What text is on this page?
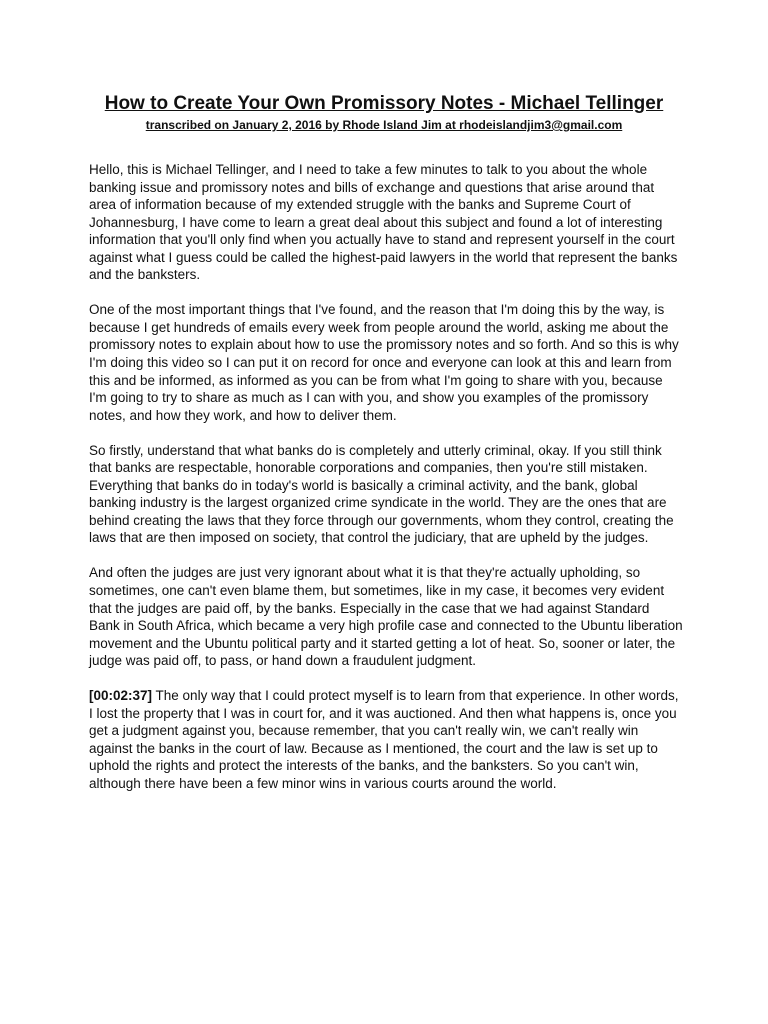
How to Create Your Own Promissory Notes - Michael Tellinger
transcribed on January 2, 2016 by Rhode Island Jim at rhodeislandjim3@gmail.com

Hello, this is Michael Tellinger, and I need to take a few minutes to talk to you about the whole banking issue and promissory notes and bills of exchange and questions that arise around that area of information because of my extended struggle with the banks and Supreme Court of Johannesburg, I have come to learn a great deal about this subject and found a lot of interesting information that you'll only find when you actually have to stand and represent yourself in the court against what I guess could be called the highest-paid lawyers in the world that represent the banks and the banksters.

One of the most important things that I've found, and the reason that I'm doing this by the way, is because I get hundreds of emails every week from people around the world, asking me about the promissory notes to explain about how to use the promissory notes and so forth. And so this is why I'm doing this video so I can put it on record for once and everyone can look at this and learn from this and be informed, as informed as you can be from what I'm going to share with you, because I'm going to try to share as much as I can with you, and show you examples of the promissory notes, and how they work, and how to deliver them.

So firstly, understand that what banks do is completely and utterly criminal, okay. If you still think that banks are respectable, honorable corporations and companies, then you're still mistaken. Everything that banks do in today's world is basically a criminal activity, and the bank, global banking industry is the largest organized crime syndicate in the world. They are the ones that are behind creating the laws that they force through our governments, whom they control, creating the laws that are then imposed on society, that control the judiciary, that are upheld by the judges.

And often the judges are just very ignorant about what it is that they're actually upholding, so sometimes, one can't even blame them, but sometimes, like in my case, it becomes very evident that the judges are paid off, by the banks. Especially in the case that we had against Standard Bank in South Africa, which became a very high profile case and connected to the Ubuntu liberation movement and the Ubuntu political party and it started getting a lot of heat. So, sooner or later, the judge was paid off, to pass, or hand down a fraudulent judgment.

[00:02:37] The only way that I could protect myself is to learn from that experience. In other words, I lost the property that I was in court for, and it was auctioned. And then what happens is, once you get a judgment against you, because remember, that you can't really win, we can't really win against the banks in the court of law. Because as I mentioned, the court and the law is set up to uphold the rights and protect the interests of the banks, and the banksters. So you can't win, although there have been a few minor wins in various courts around the world.
